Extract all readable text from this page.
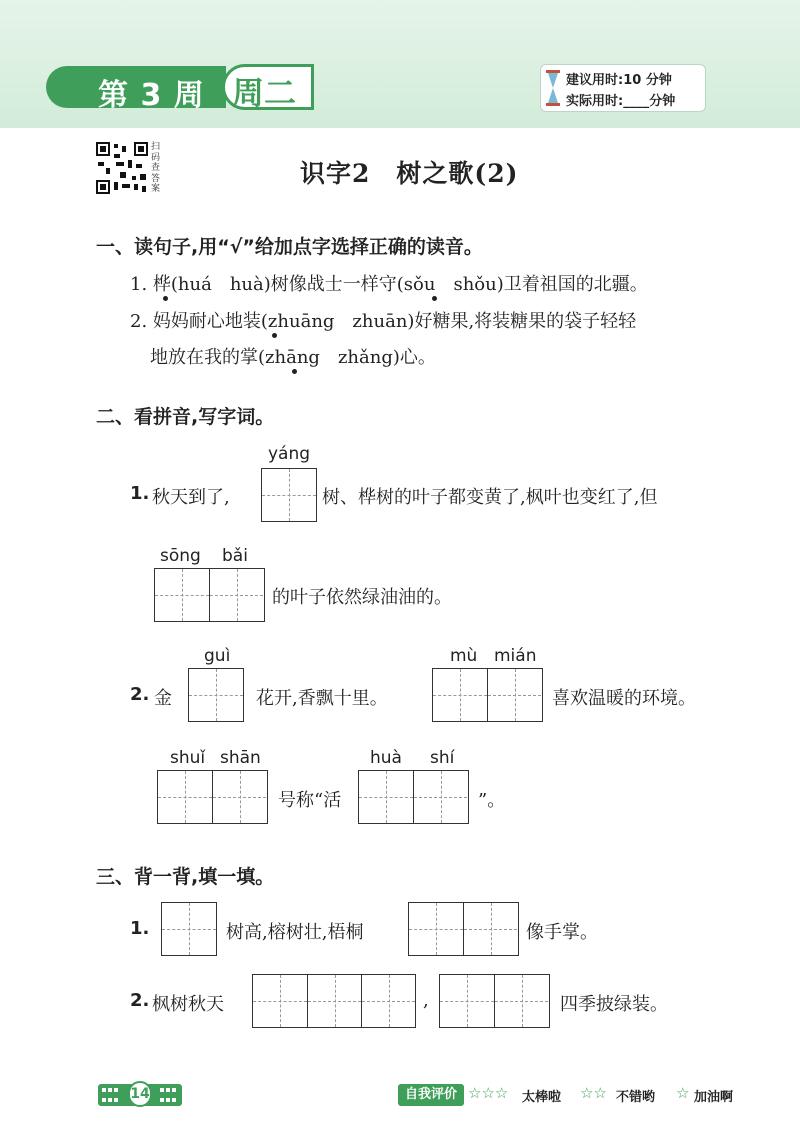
第 3 周 周二	建议用时:10 分钟
实际用时:____分钟
扫码查答案
识字2　树之歌(2)
一、读句子,用“√”给加点字选择正确的读音。
1. 桦(huá　huà)树像战士一样守(sǒu　shǒu)卫着祖国的北疆。
2. 妈妈耐心地装(zhuāng　zhuān)好糖果,将装糖果的袋子轻轻
地放在我的掌(zhāng　zhǎng)心。
二、看拼音,写字词。
yáng
1. 秋天到了,	树、桦树的叶子都变黄了,枫叶也变红了,但
sōng bǎi
的叶子依然绿油油的。
guì
2. 金	花开,香飘十里。
mù mián
喜欢温暖的环境。
shuǐ shān
号称“活
huà shí
”。
三、背一背,填一填。
1.	树高,榕树壮,梧桐	像手掌。
2. 枫树秋天	,	四季披绿装。
14	自我评价 ☆☆☆ 太棒啦 ☆☆ 不错哟 ☆ 加油啊
